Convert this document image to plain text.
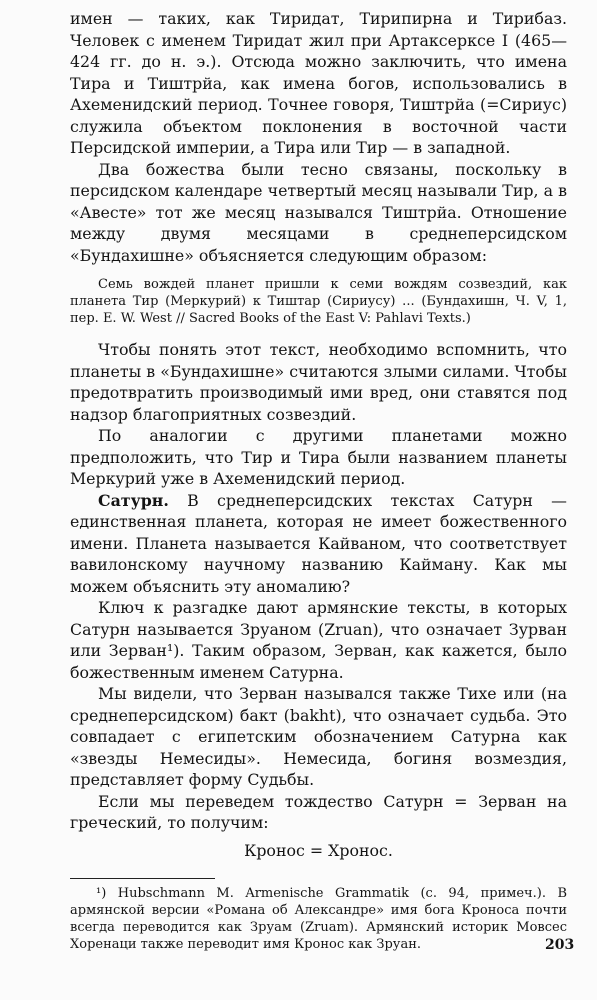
имен — таких, как Тиридат, Тирипирна и Тирибаз. Человек с именем Тиридат жил при Артаксерксе I (465—424 гг. до н. э.). Отсюда можно заключить, что имена Тира и Тиштрйа, как имена богов, использовались в Ахеменидский период. Точнее говоря, Тиштрйа (=Сириус) служила объектом поклонения в восточной части Персидской империи, а Тира или Тир — в западной.

Два божества были тесно связаны, поскольку в персидском календаре четвертый месяц называли Тир, а в «Авесте» тот же месяц назывался Тиштрйа. Отношение между двумя месяцами в среднеперсидском «Бундахишне» объясняется следующим образом:

Семь вождей планет пришли к семи вождям созвездий, как планета Тир (Меркурий) к Тиштар (Сириусу) ... (Бундахишн, Ч. V, 1, пер. E. W. West // Sacred Books of the East V: Pahlavi Texts.)

Чтобы понять этот текст, необходимо вспомнить, что планеты в «Бундахишне» считаются злыми силами. Чтобы предотвратить производимый ими вред, они ставятся под надзор благоприятных созвездий.

По аналогии с другими планетами можно предположить, что Тир и Тира были названием планеты Меркурий уже в Ахеменидский период.

Сатурн. В среднеперсидских текстах Сатурн — единственная планета, которая не имеет божественного имени. Планета называется Кайваном, что соответствует вавилонскому научному названию Кайману. Как мы можем объяснить эту аномалию?

Ключ к разгадке дают армянские тексты, в которых Сатурн называется Зруаном (Zruan), что означает Зурван или Зерван¹). Таким образом, Зерван, как кажется, было божественным именем Сатурна.

Мы видели, что Зерван назывался также Тихе или (на среднеперсидском) бакт (bakht), что означает судьба. Это совпадает с египетским обозначением Сатурна как «звезды Немесиды». Немесида, богиня возмездия, представляет форму Судьбы.

Если мы переведем тождество Сатурн = Зерван на греческий, то получим:

Кронос = Хронос.

¹) Hubschmann M. Armenische Grammatik (с. 94, примеч.). В армянской версии «Романа об Александре» имя бога Кроноса почти всегда переводится как Зруам (Zruam). Армянский историк Мовсес Хоренаци также переводит имя Кронос как Зруан.	203
